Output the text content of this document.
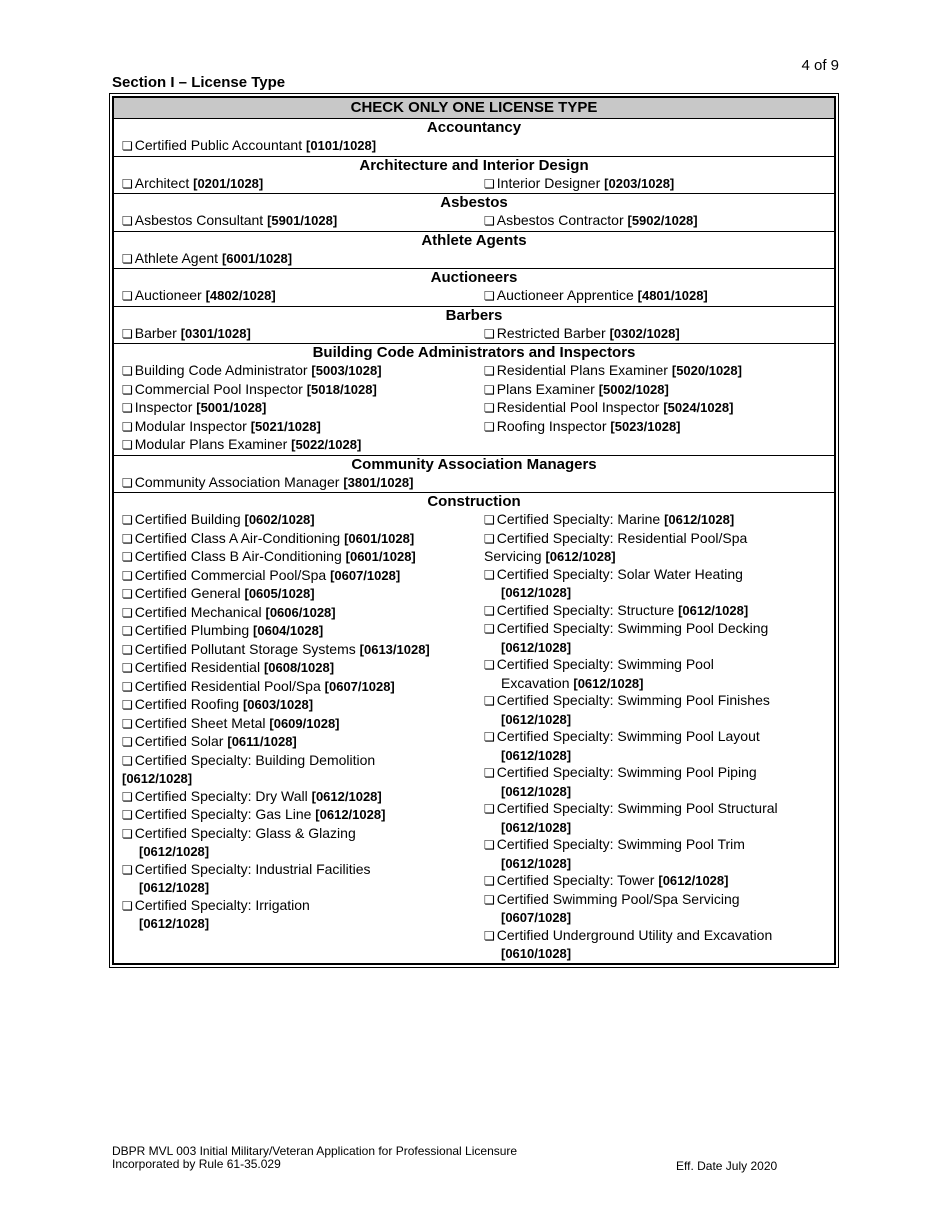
4 of 9
Section I – License Type
CHECK ONLY ONE LICENSE TYPE
Accountancy
❏ Certified Public Accountant [0101/1028]
Architecture and Interior Design
❏ Architect [0201/1028]	❏ Interior Designer [0203/1028]
Asbestos
❏ Asbestos Consultant [5901/1028]	❏ Asbestos Contractor [5902/1028]
Athlete Agents
❏ Athlete Agent [6001/1028]
Auctioneers
❏ Auctioneer [4802/1028]	❏ Auctioneer Apprentice [4801/1028]
Barbers
❏ Barber [0301/1028]	❏ Restricted Barber [0302/1028]
Building Code Administrators and Inspectors
❏ Building Code Administrator [5003/1028]
❏ Commercial Pool Inspector [5018/1028]
❏ Inspector [5001/1028]
❏ Modular Inspector [5021/1028]
❏ Modular Plans Examiner [5022/1028]
❏ Residential Plans Examiner [5020/1028]
❏ Plans Examiner [5002/1028]
❏ Residential Pool Inspector [5024/1028]
❏ Roofing Inspector [5023/1028]
Community Association Managers
❏ Community Association Manager [3801/1028]
Construction
❏ Certified Building [0602/1028]
❏ Certified Class A Air-Conditioning [0601/1028]
❏ Certified Class B Air-Conditioning [0601/1028]
❏ Certified Commercial Pool/Spa [0607/1028]
❏ Certified General [0605/1028]
❏ Certified Mechanical [0606/1028]
❏ Certified Plumbing [0604/1028]
❏ Certified Pollutant Storage Systems [0613/1028]
❏ Certified Residential [0608/1028]
❏ Certified Residential Pool/Spa [0607/1028]
❏ Certified Roofing [0603/1028]
❏ Certified Sheet Metal [0609/1028]
❏ Certified Solar [0611/1028]
❏ Certified Specialty: Building Demolition
[0612/1028]
❏ Certified Specialty: Dry Wall [0612/1028]
❏ Certified Specialty: Gas Line [0612/1028]
❏ Certified Specialty: Glass & Glazing
[0612/1028]
❏ Certified Specialty: Industrial Facilities
[0612/1028]
❏ Certified Specialty: Irrigation
[0612/1028]
❏ Certified Specialty: Marine [0612/1028]
❏ Certified Specialty: Residential Pool/Spa
Servicing [0612/1028]
❏ Certified Specialty: Solar Water Heating
[0612/1028]
❏ Certified Specialty: Structure [0612/1028]
❏ Certified Specialty: Swimming Pool Decking
[0612/1028]
❏ Certified Specialty: Swimming Pool
Excavation [0612/1028]
❏ Certified Specialty: Swimming Pool Finishes
[0612/1028]
❏ Certified Specialty: Swimming Pool Layout
[0612/1028]
❏ Certified Specialty: Swimming Pool Piping
[0612/1028]
❏ Certified Specialty: Swimming Pool Structural
[0612/1028]
❏ Certified Specialty: Swimming Pool Trim
[0612/1028]
❏ Certified Specialty: Tower [0612/1028]
❏ Certified Swimming Pool/Spa Servicing
[0607/1028]
❏ Certified Underground Utility and Excavation
[0610/1028]
DBPR MVL 003 Initial Military/Veteran Application for Professional Licensure
Incorporated by Rule 61-35.029	Eff. Date July 2020
